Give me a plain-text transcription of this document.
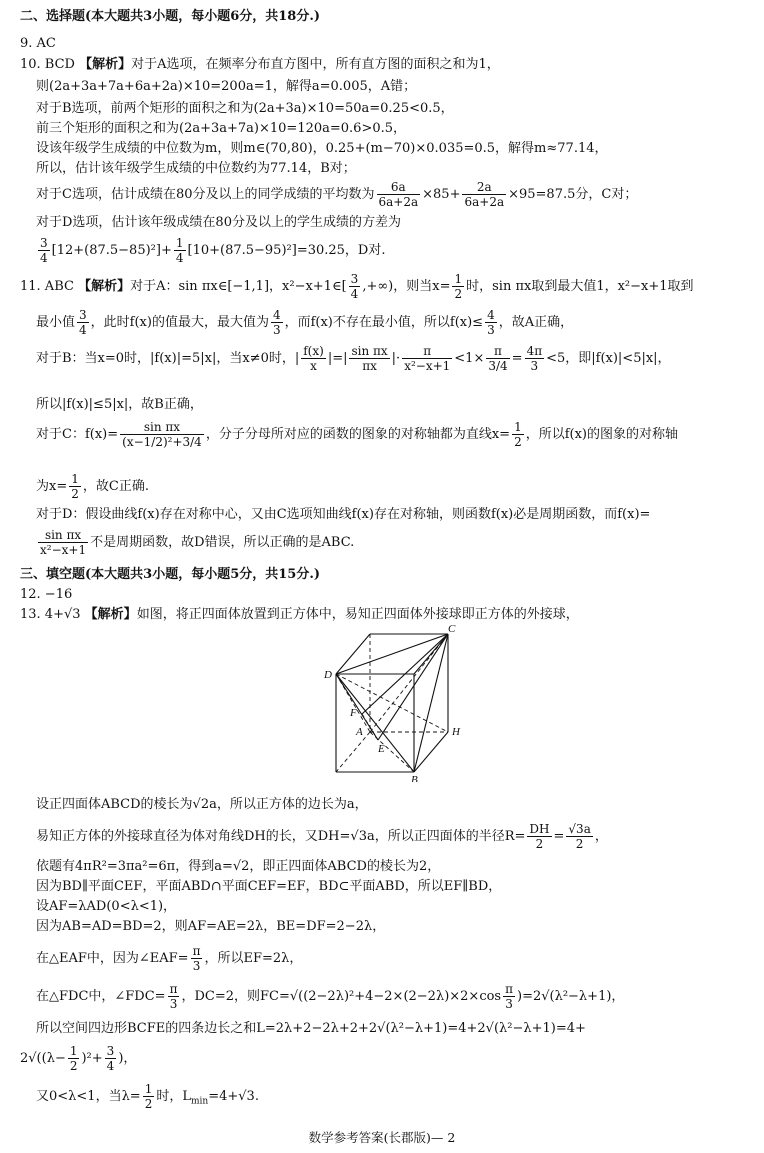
二、选择题(本大题共3小题，每小题6分，共18分.)
9. AC
10. BCD 【解析】对于A选项，在频率分布直方图中，所有直方图的面积之和为1，
则(2a+3a+7a+6a+2a)×10=200a=1，解得a=0.005，A错；
对于B选项，前两个矩形的面积之和为(2a+3a)×10=50a=0.25<0.5，
前三个矩形的面积之和为(2a+3a+7a)×10=120a=0.6>0.5，
设该年级学生成绩的中位数为m，则m∈(70,80)，0.25+(m−70)×0.035=0.5，解得m≈77.14，
所以，估计该年级学生成绩的中位数约为77.14，B对；
对于C选项，估计成绩在80分及以上的同学成绩的平均数为 $\frac{6a}{6a+2a} \times 85+ \frac{2a}{6a+2a} \times 95=87.5$分，C对；
对于D选项，估计该年级成绩在80分及以上的学生成绩的方差为
$\frac{3}{4} [12+(87.5-85)^2]+ \frac{1}{4} [10+(87.5-95)^2]=30.25$，D对.
11. ABC 【解析】对于A：sin πx∈[−1,1]，x²−x+1∈[ $\frac{3}{4}$ ,+∞)，则当$x= \frac{1}{2}$ 时，sin πx取到最大值1，x²−x+1取到
最小值 $\frac{3}{4}$ ，此时f(x)的值最大，最大值为 $\frac{4}{3}$ ，而f(x)不存在最小值，所以$f(x)\le \frac{4}{3}$ ，故A正确，
对于B：当x=0时，|f(x)|=5|x|，当x≠0时，| $\frac{f(x)}{x}$ |=| $\frac{\text{sin πx}}{\pi x}$ |· $\frac{\pi}{\text{x²−x+1}} <1\times \frac{\pi}{3/4} = \frac{4\pi}{3} <5$，即|f(x)|<5|x|，
所以|f(x)|≤5|x|，故B正确，
对于C：$f(x)= \frac{\text{sin πx}}{\text{(x−1/2)²+3/4}}$ ，分子分母所对应的函数的图象的对称轴都为直线$x= \frac{1}{2}$ ，所以f(x)的图象的对称轴
为$x= \frac{1}{2}$ ，故C正确.
对于D：假设曲线f(x)存在对称中心，又由C选项知曲线f(x)存在对称轴，则函数f(x)必是周期函数，而f(x)=
$\frac{\text{sin πx}}{\text{x²−x+1}}$ 不是周期函数，故D错误，所以正确的是ABC.
三、填空题(本大题共3小题，每小题5分，共15分.)
12. −16
13. 4+√3 【解析】如图，将正四面体放置到正方体中，易知正四面体外接球即正方体的外接球，
C
D
F
A
E
H
B
设正四面体ABCD的棱长为√2a，所以正方体的边长为a，
易知正方体的外接球直径为体对角线DH的长，又DH=√3a，所以正四面体的半径$R= \frac{DH}{2} = \frac{√3a}{2}$ ，
依题有4πR²=3πa²=6π，得到a=√2，即正四面体ABCD的棱长为2，
因为BD∥平面CEF，平面ABD∩平面CEF=EF，BD⊂平面ABD，所以EF∥BD，
设AF=λAD(0<λ<1)，
因为AB=AD=BD=2，则AF=AE=2λ，BE=DF=2−2λ，
在△EAF中，因为∠EAF= $\frac{\pi}{3}$ ，所以EF=2λ，
在△FDC中，∠FDC= $\frac{\pi}{3}$ ，DC=2，则$FC=√((2-2\lambda)^2+4-2\times(2-2\lambda)\times 2\times\cos \frac{\pi}{3} )=2√(\lambda^2-\lambda+1)$，
所以空间四边形BCFE的四条边长之和L=2λ+2−2λ+2+2√(λ²−λ+1)=4+2√(λ²−λ+1)=4+
$2√((\lambda- \frac{1}{2} )^2+ \frac{3}{4}$ )，
又0<λ<1，当$\lambda= \frac{1}{2}$ 时，$L_{min}=4+√3$.
数学参考答案(长郡版)— 2
